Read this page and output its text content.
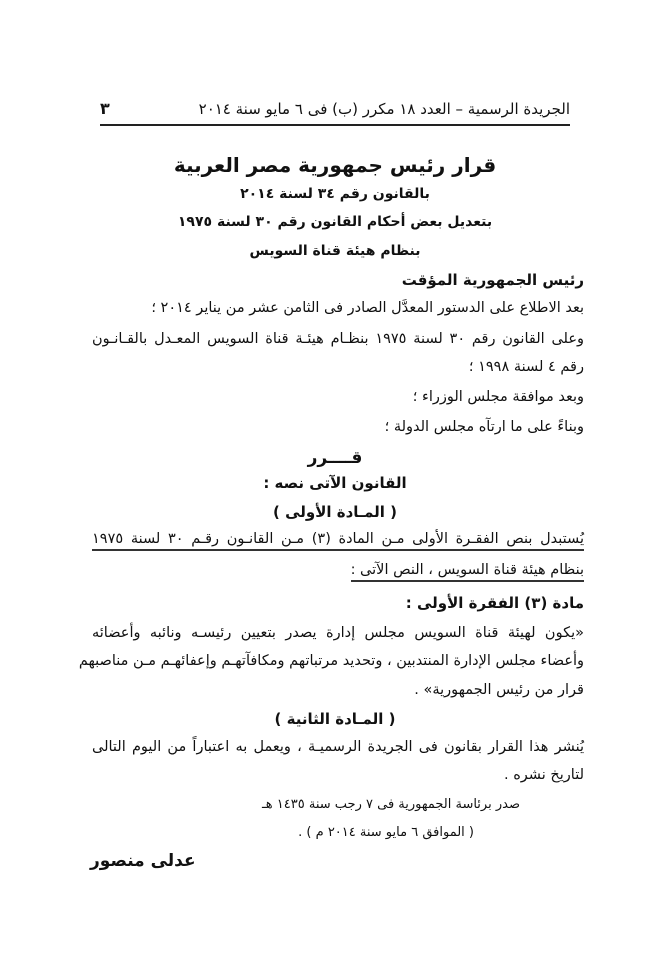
الجريدة الرسمية – العدد ١٨ مكرر (ب) فى ٦ مايو سنة ٢٠١٤
٣
قرار رئيس جمهورية مصر العربية
بالقانون رقم ٣٤ لسنة ٢٠١٤
بتعديل بعض أحكام القانون رقم ٣٠ لسنة ١٩٧٥
بنظام هيئة قناة السويس
رئيس الجمهورية المؤقت
بعد الاطلاع على الدستور المعدَّل الصادر فى الثامن عشر من يناير ٢٠١٤ ؛
وعلى القانون رقم ٣٠ لسنة ١٩٧٥ بنظـام هيئـة قناة السويس المعـدل بالقـانـون
رقم ٤ لسنة ١٩٩٨ ؛
وبعد موافقة مجلس الوزراء ؛
وبناءً على ما ارتآه مجلس الدولة ؛
قــــرر
القانون الآتى نصه :
( المـادة الأولى )
يُستبدل بنص الفقـرة الأولى مـن المادة (٣) مـن القانـون رقـم ٣٠ لسنة ١٩٧٥
بنظام هيئة قناة السويس ، النص الآتى :
مادة (٣) الفقرة الأولى :
«يكون لهيئة قناة السويس مجلس إدارة يصدر بتعيين رئيسـه ونائبه وأعضائه
وأعضاء مجلس الإدارة المنتدبين ، وتحديد مرتباتهم ومكافآتهـم وإعفائهـم مـن مناصبهم
قرار من رئيس الجمهورية» .
( المـادة الثانية )
يُنشر هذا القرار بقانون فى الجريدة الرسميـة ، ويعمل به اعتباراً من اليوم التالى
لتاريخ نشره .
صدر برئاسة الجمهورية فى ٧ رجب سنة ١٤٣٥ هـ
( الموافق ٦ مايو سنة ٢٠١٤ م ) .
عدلى منصور
